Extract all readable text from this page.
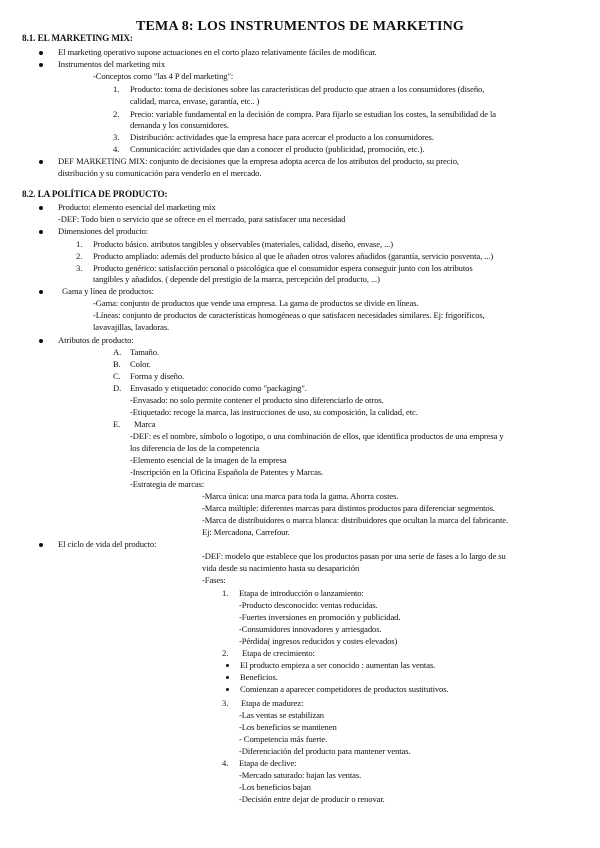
TEMA 8: LOS INSTRUMENTOS DE MARKETING
8.1. EL MARKETING MIX:
El marketing operativo supone actuaciones en el corto plazo relativamente fáciles de modificar.
Instrumentos del marketing mix
-Conceptos como "las 4 P del marketing":
1. Producto: toma de decisiones sobre las características del producto que atraen a los consumidores (diseño,
calidad, marca, envase, garantía, etc.. )
2. Precio: variable fundamental en la decisión de compra. Para fijarlo se estudian los costes, la sensibilidad de la
demanda y los consumidores.
3. Distribución: actividades que la empresa hace para acercar el producto a los consumidores.
4. Comunicación: actividades que dan a conocer el producto (publicidad, promoción, etc.).
DEF MARKETING MIX: conjunto de decisiones que la empresa adopta acerca de los atributos del producto, su precio,
distribución y su comunicación para venderlo en el mercado.
8.2. LA POLÍTICA DE PRODUCTO:
Producto: elemento esencial del marketing mix
-DEF: Todo bien o servicio que se ofrece en el mercado, para satisfacer una necesidad
Dimensiones del producto:
1. Producto básico. atributos tangibles y observables (materiales, calidad, diseño, envase, ...)
2. Producto ampliado: además del producto básico al que le añaden otros valores añadidos (garantía, servicio posventa, ...)
3. Producto genérico: satisfacción personal o psicológica que el consumidor espera conseguir junto con los atributos
tangibles y añadidos. ( depende del prestigio de la marca, percepción del producto, ...)
Gama y línea de productos:
-Gama: conjunto de productos que vende una empresa. La gama de productos se divide en líneas.
-Líneas: conjunto de productos de características homogéneas o que satisfacen necesidades similares. Ej: frigoríficos,
lavavajillas, lavadoras.
Atributos de producto:
A. Tamaño.
B. Color.
C. Forma y diseño.
D. Envasado y etiquetado: conocido como "packaging".
-Envasado: no solo permite contener el producto sino diferenciarlo de otros.
-Etiquetado: recoge la marca, las instrucciones de uso, su composición, la calidad, etc.
E. Marca
-DEF: es el nombre, símbolo o logotipo, o una combinación de ellos, que identifica productos de una empresa y
los diferencia de los de la competencia
-Elemento esencial de la imagen de la empresa
-Inscripción en la Oficina Española de Patentes y Marcas.
-Estrategia de marcas:
-Marca única: una marca para toda la gama. Ahorra costes.
-Marca múltiple: diferentes marcas para distintos productos para diferenciar segmentos.
-Marca de distribuidores o marca blanca: distribuidores que ocultan la marca del fabricante.
Ej: Mercadona, Carrefour.
El ciclo de vida del producto:
-DEF: modelo que establece que los productos pasan por una serie de fases a lo largo de su
vida desde su nacimiento hasta su desaparición
-Fases:
1. Etapa de introducción o lanzamiento:
-Producto desconocido: ventas reducidas.
-Fuertes inversiones en promoción y publicidad.
-Consumidores innovadores y arriesgados.
-Pérdida( ingresos reducidos y costes elevados)
2. Etapa de crecimiento:
El producto empieza a ser conocido : aumentan las ventas.
Beneficios.
Comienzan a aparecer competidores de productos sustitutivos.
3. Etapa de madurez:
-Las ventas se estabilizan
-Los beneficios se mantienen
- Competencia más fuerte.
-Diferenciación del producto para mantener ventas.
4. Etapa de declive:
-Mercado saturado: bajan las ventas.
-Los beneficios bajan
-Decisión entre dejar de producir o renovar.
